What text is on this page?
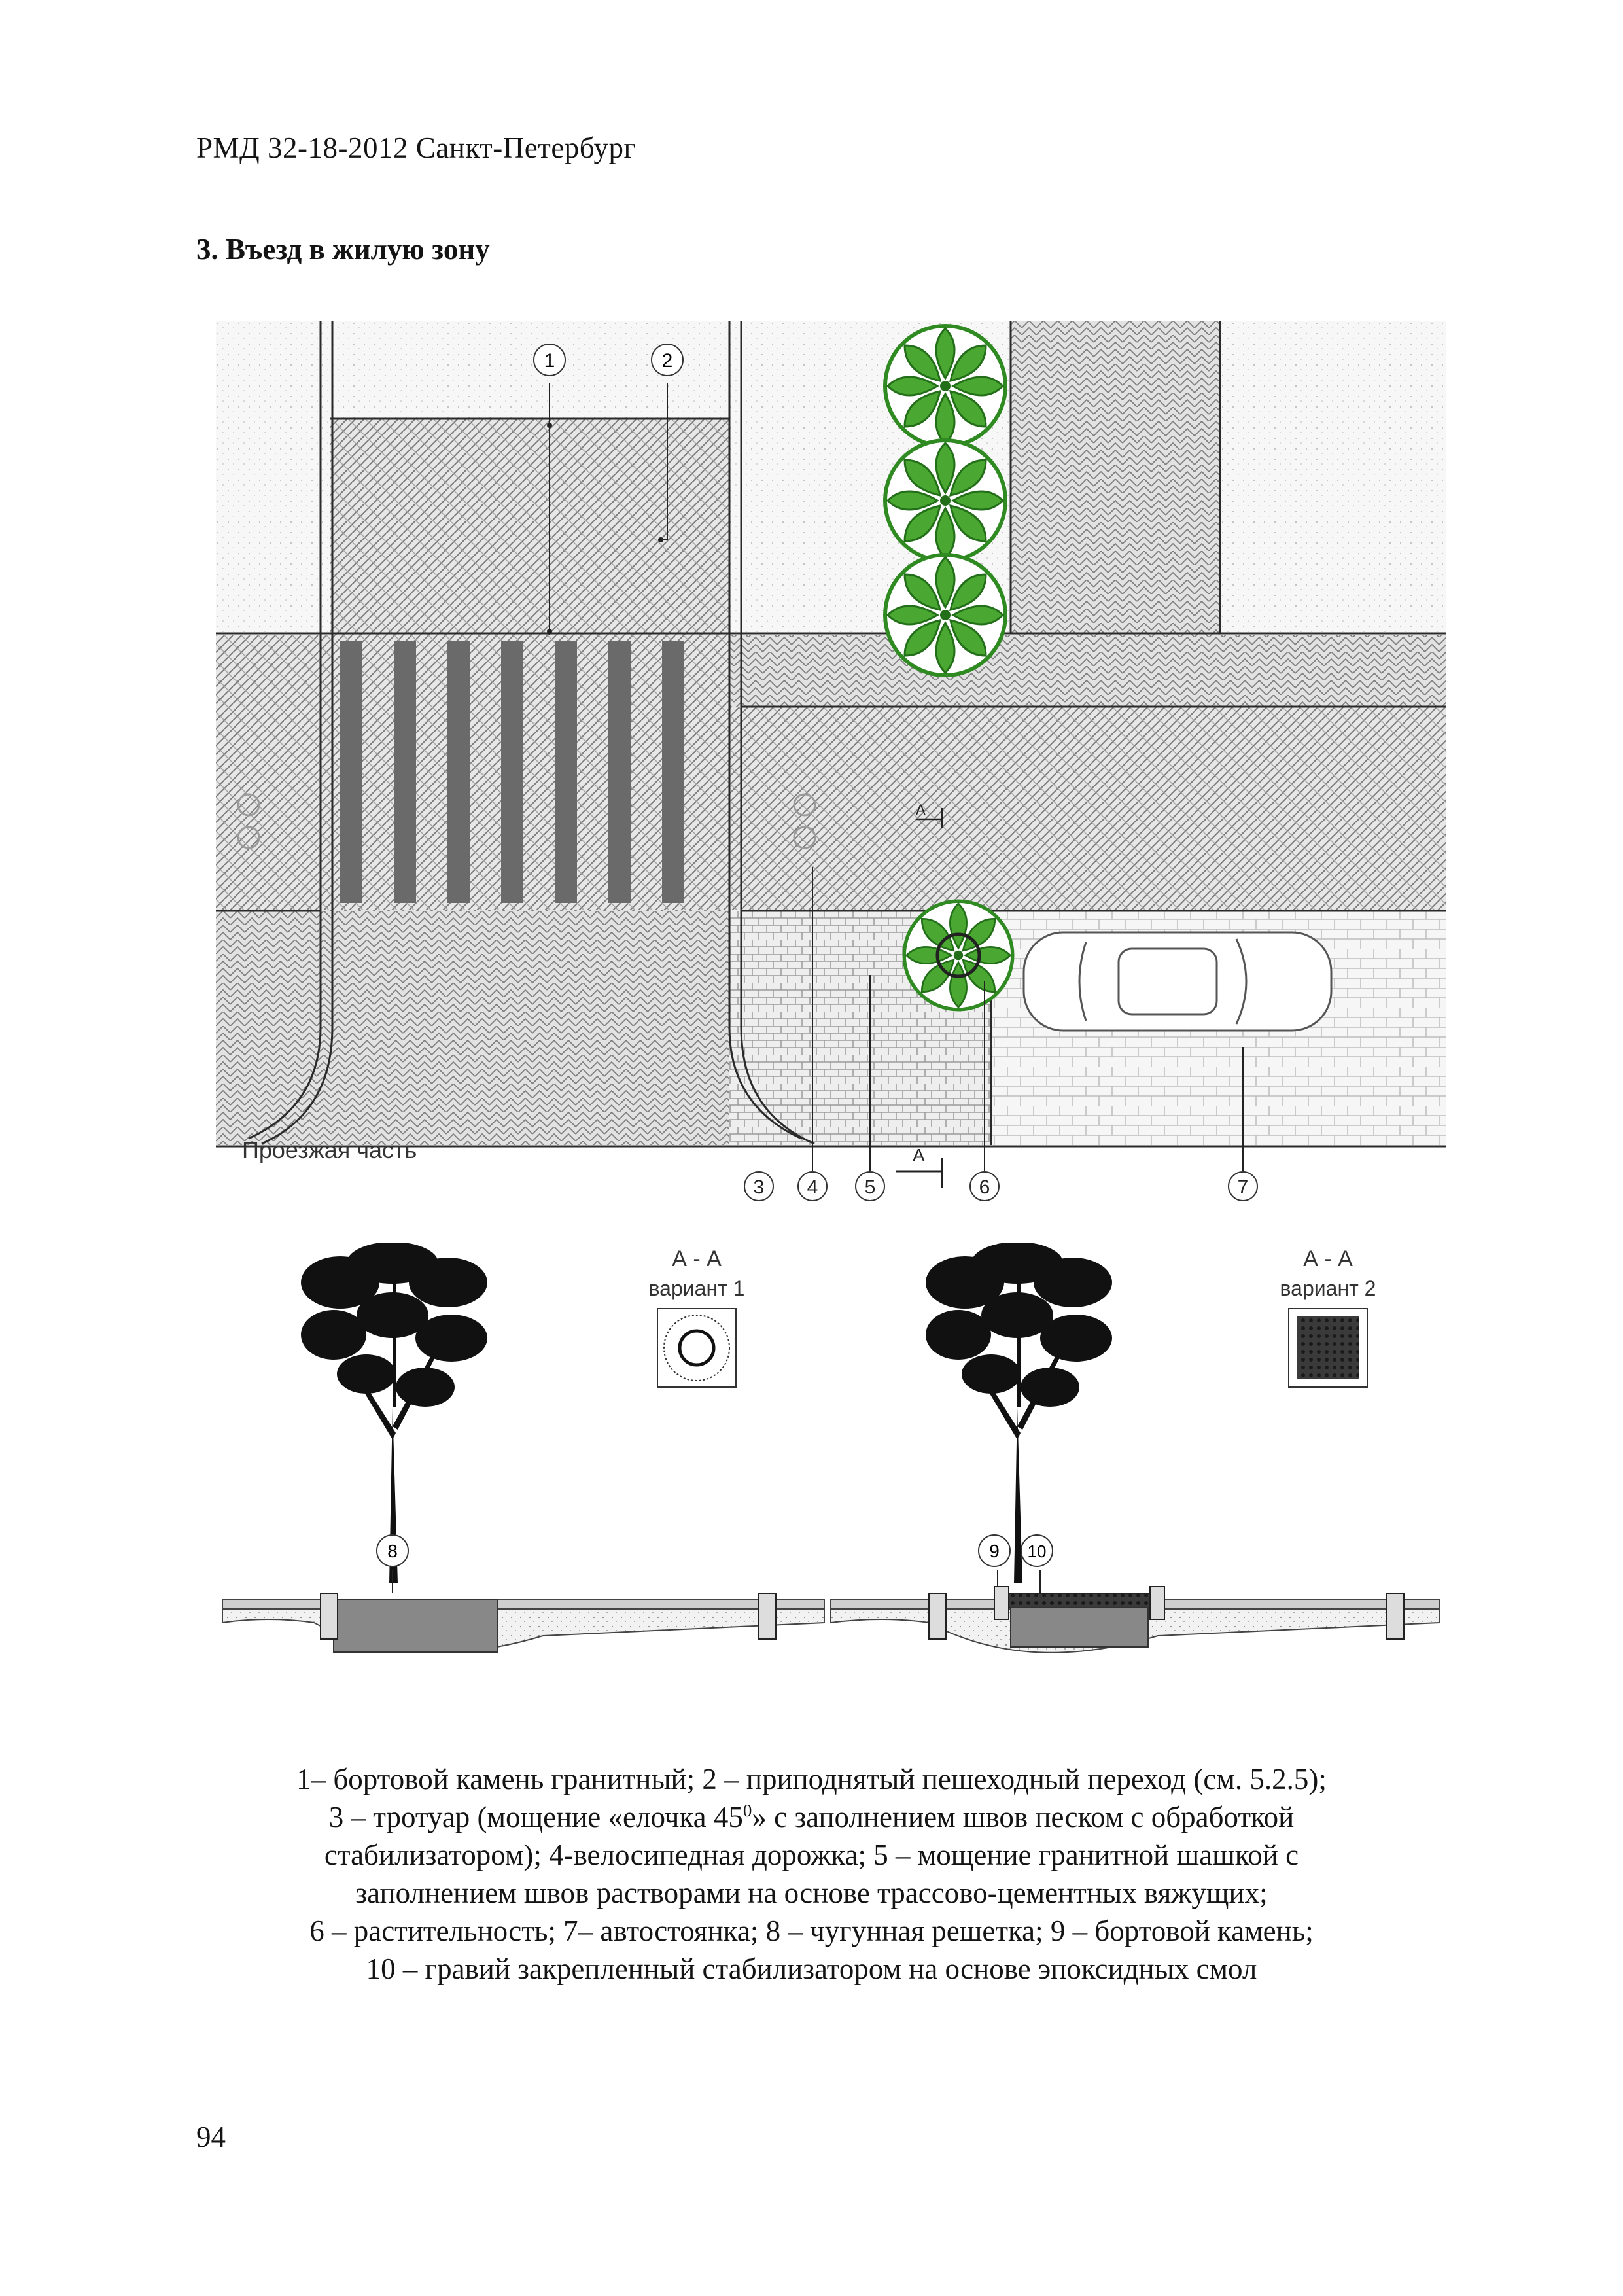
РМД 32-18-2012 Санкт-Петербург
3. Въезд в жилую зону
1	2
3 4 5	6	7
А
А
Проезжая часть
А - А
вариант 1
8
А - А
вариант 2
9 10
1– бортовой камень гранитный; 2 – приподнятый пешеходный переход (см. 5.2.5);
3 – тротуар (мощение «елочка $45^0$» с заполнением швов песком с обработкой
стабилизатором); 4-велосипедная дорожка; 5 – мощение гранитной шашкой с
заполнением швов растворами на основе трассово-цементных вяжущих;
6 – растительность; 7– автостоянка; 8 – чугунная решетка; 9 – бортовой камень;
10 – гравий закрепленный стабилизатором на основе эпоксидных смол
94
